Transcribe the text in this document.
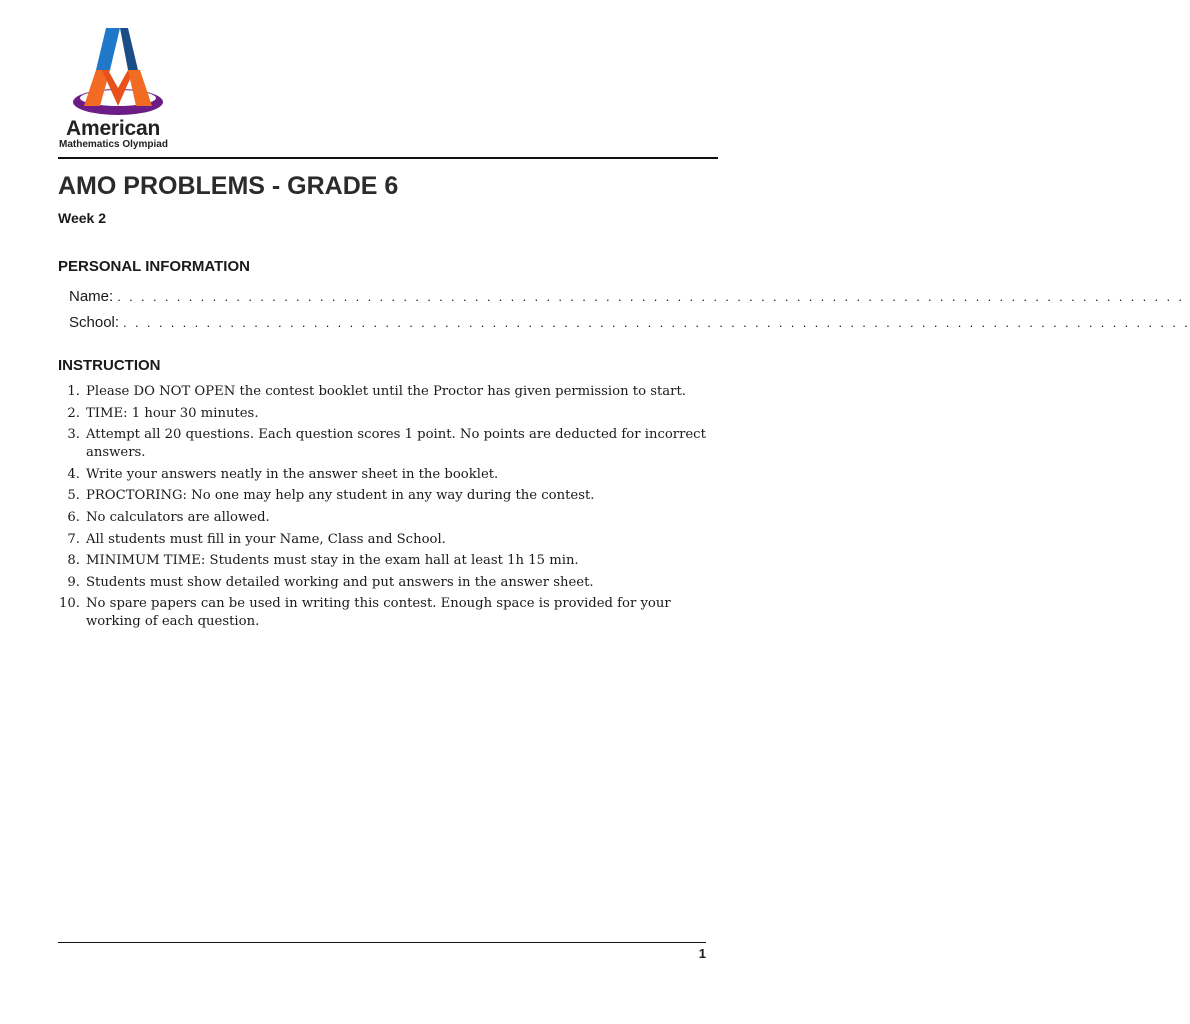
American
Mathematics Olympiad
AMO PROBLEMS - GRADE 6
Week 2
PERSONAL INFORMATION
Name: . . . . . . . . . . . . . . . . . . . . . . . . . . . . . . . . . . . . . . . . . . . . . . . . . . . . . . . . . . . . . . . . . . . . . . . . . . . . . . . . . . . . . . . . . .
School: . . . . . . . . . . . . . . . . . . . . . . . . . . . . . . . . . . . . . . . . . . . . . . . . . . . . . . . . . . . . . . . . . . . . . . . . . . . . . . . . . . . . . . . . . .
INSTRUCTION
1. Please DO NOT OPEN the contest booklet until the Proctor has given permission to start.
2. TIME: 1 hour 30 minutes.
3. Attempt all 20 questions. Each question scores 1 point. No points are deducted for incorrect answers.
4. Write your answers neatly in the answer sheet in the booklet.
5. PROCTORING: No one may help any student in any way during the contest.
6. No calculators are allowed.
7. All students must fill in your Name, Class and School.
8. MINIMUM TIME: Students must stay in the exam hall at least 1h 15 min.
9. Students must show detailed working and put answers in the answer sheet.
10. No spare papers can be used in writing this contest. Enough space is provided for your working of each question.
1
